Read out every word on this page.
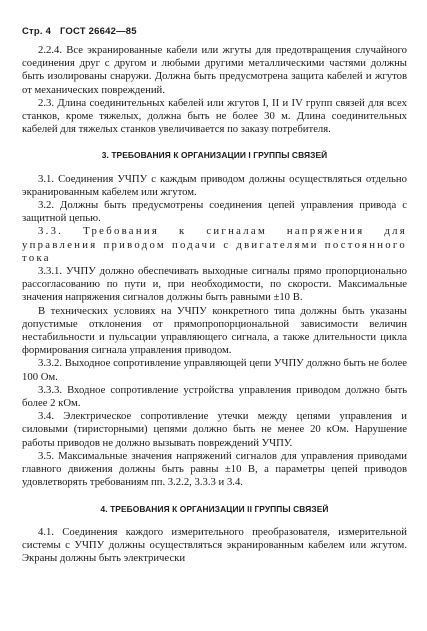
Стр. 4 ГОСТ 26642—85

2.2.4. Все экранированные кабели или жгуты для предотвращения случайного соединения друг с другом и любыми другими металлическими частями должны быть изолированы снаружи. Должна быть предусмотрена защита кабелей и жгутов от механических повреждений.

2.3. Длина соединительных кабелей или жгутов I, II и IV групп связей для всех станков, кроме тяжелых, должна быть не более 30 м. Длина соединительных кабелей для тяжелых станков увеличивается по заказу потребителя.

3. ТРЕБОВАНИЯ К ОРГАНИЗАЦИИ I ГРУППЫ СВЯЗЕЙ

3.1. Соединения УЧПУ с каждым приводом должны осуществляться отдельно экранированным кабелем или жгутом.

3.2. Должны быть предусмотрены соединения цепей управления привода с защитной цепью.

3.3. Требования к сигналам напряжения для управления приводом подачи с двигателями постоянного тока

3.3.1. УЧПУ должно обеспечивать выходные сигналы прямо пропорционально рассогласованию по пути и, при необходимости, по скорости. Максимальные значения напряжения сигналов должны быть равными ±10 В.

В технических условиях на УЧПУ конкретного типа должны быть указаны допустимые отклонения от прямопропорциональной зависимости величин нестабильности и пульсации управляющего сигнала, а также длительности цикла формирования сигнала управления приводом.

3.3.2. Выходное сопротивление управляющей цепи УЧПУ должно быть не более 100 Ом.

3.3.3. Входное сопротивление устройства управления приводом должно быть более 2 кОм.

3.4. Электрическое сопротивление утечки между цепями управления и силовыми (тиристорными) цепями должно быть не менее 20 кОм. Нарушение работы приводов не должно вызывать повреждений УЧПУ.

3.5. Максимальные значения напряжений сигналов для управления приводами главного движения должны быть равны ±10 В, а параметры цепей приводов удовлетворять требованиям пп. 3.2.2, 3.3.3 и 3.4.

4. ТРЕБОВАНИЯ К ОРГАНИЗАЦИИ II ГРУППЫ СВЯЗЕЙ

4.1. Соединения каждого измерительного преобразователя, измерительной системы с УЧПУ должны осуществляться экранированным кабелем или жгутом. Экраны должны быть электрически
